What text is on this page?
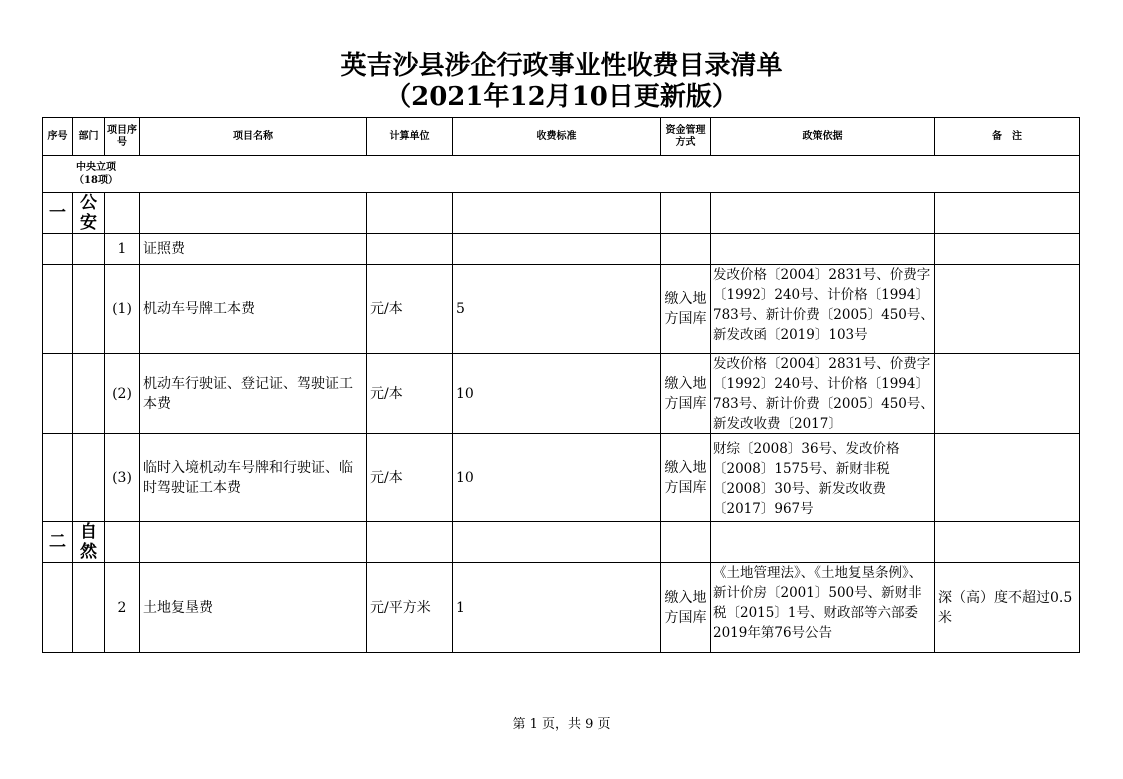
英吉沙县涉企行政事业性收费目录清单
（2021年12月10日更新版）
序号	部门	项目序号	项目名称	计算单位	收费标准	资金管理方式	政策依据	备　注

中央立项（18项）								

一	公安							
		1	证照费					
		(1)	机动车号牌工本费	元/本	5	缴入地方国库	发改价格〔2004〕2831号、价费字〔1992〕240号、计价格〔1994〕783号、新计价费〔2005〕450号、新发改函〔2019〕103号	

		(2)	机动车行驶证、登记证、驾驶证工本费	元/本	10	缴入地方国库	发改价格〔2004〕2831号、价费字〔1992〕240号、计价格〔1994〕783号、新计价费〔2005〕450号、新发改收费〔2017〕	

		(3)	临时入境机动车号牌和行驶证、临时驾驶证工本费	元/本	10	缴入地方国库	财综〔2008〕36号、发改价格〔2008〕1575号、新财非税〔2008〕30号、新发改收费〔2017〕967号	

二	自然							
		2	土地复垦费	元/平方米	1	缴入地方国库	《土地管理法》、《土地复垦条例》、新计价房〔2001〕500号、新财非税〔2015〕1号、财政部等六部委2019年第76号公告	深（高）度不超过0.5米
第 1 页，共 9 页
